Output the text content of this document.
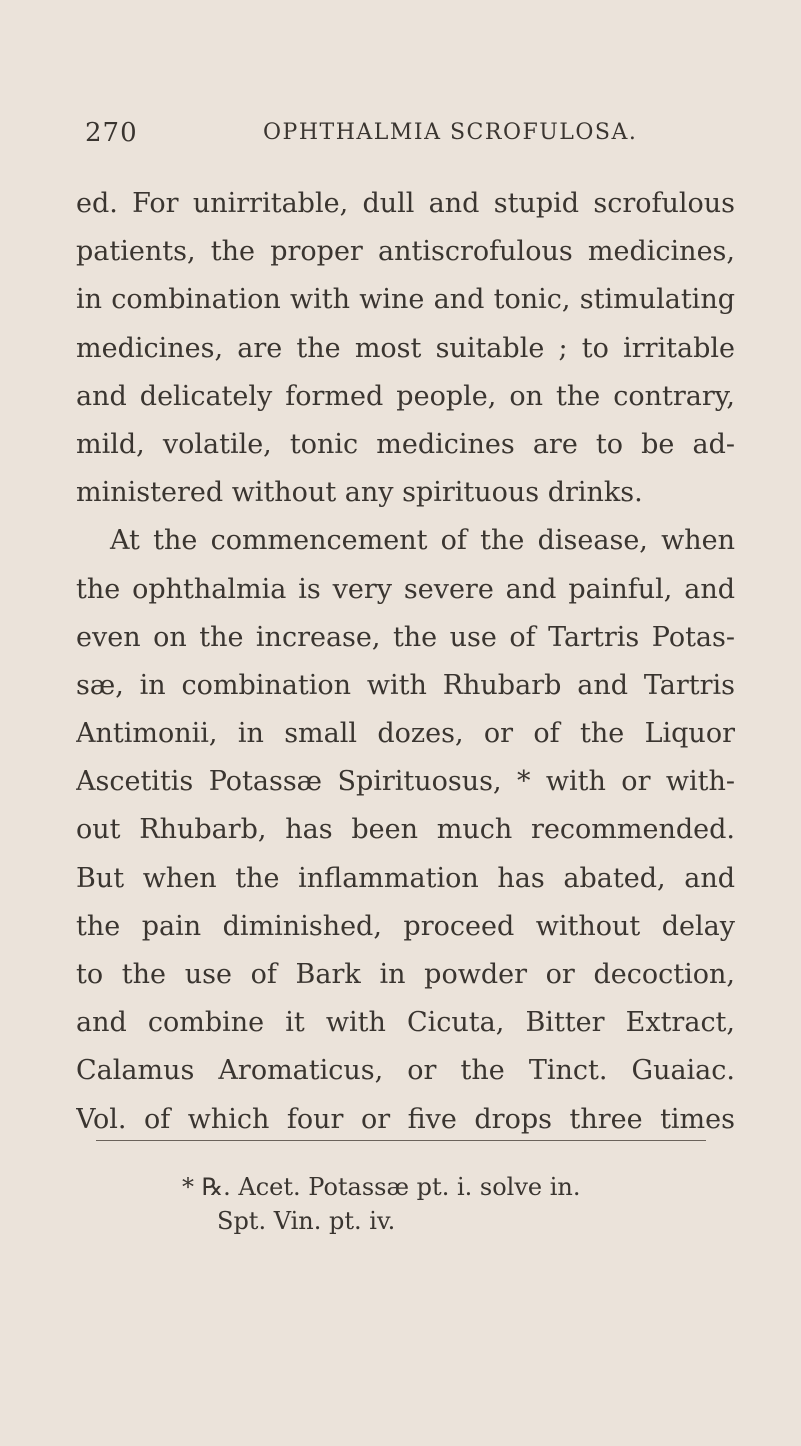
270	OPHTHALMIA SCROFULOSA.
ed. For unirritable, dull and stupid scrofulous
patients, the proper antiscrofulous medicines,
in combination with wine and tonic, stimulating
medicines, are the most suitable ; to irritable
and delicately formed people, on the contrary,
mild, volatile, tonic medicines are to be ad-
ministered without any spirituous drinks.
At the commencement of the disease, when
the ophthalmia is very severe and painful, and
even on the increase, the use of Tartris Potas-
sæ, in combination with Rhubarb and Tartris
Antimonii, in small dozes, or of the Liquor
Ascetitis Potassæ Spirituosus, * with or with-
out Rhubarb, has been much recommended.
But when the inflammation has abated, and
the pain diminished, proceed without delay
to the use of Bark in powder or decoction,
and combine it with Cicuta, Bitter Extract,
Calamus Aromaticus, or the Tinct. Guaiac.
Vol. of which four or five drops three times
* ℞. Acet. Potassæ pt. i. solve in.
Spt. Vin. pt. iv.
